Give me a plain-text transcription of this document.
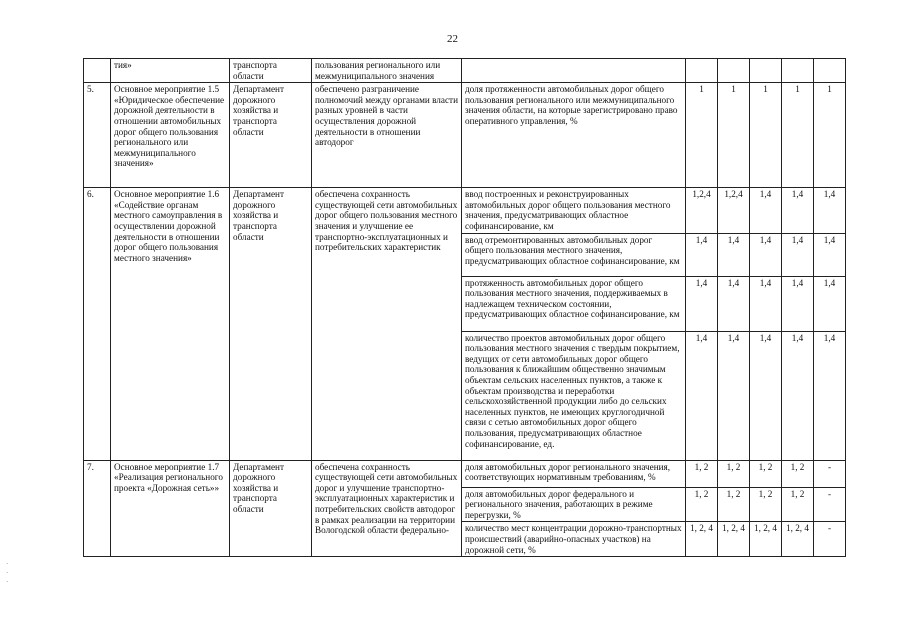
22
	тия»	транспорта области	пользования регионального или межмуниципального значения						
5.	Основное мероприятие 1.5 «Юридическое обеспечение дорожной деятельности в отношении автомобильных дорог общего пользования регионального или межмуниципального значения»	Департамент дорожного хозяйства и транспорта области	обеспечено разграничение полномочий между органами власти разных уровней в части осуществления дорожной деятельности в отношении автодорог	доля протяженности автомобильных дорог общего пользования регионального или межмуниципального значения области, на которые зарегистрировано право оперативного управления, %	1	1	1	1	1
6.	Основное мероприятие 1.6 «Содействие органам местного самоуправления в осуществлении дорожной деятельности в отношении дорог общего пользования местного значения»	Департамент дорожного хозяйства и транспорта области	обеспечена сохранность существующей сети автомобильных дорог общего пользования местного значения и улучшение ее транспортно-эксплуатационных и потребительских характеристик	ввод построенных и реконструированных автомобильных дорог общего пользования местного значения, предусматривающих областное софинансирование, км	1,2,4	1,2,4	1,4	1,4	1,4
				ввод отремонтированных автомобильных дорог общего пользования местного значения, предусматривающих областное софинансирование, км	1,4	1,4	1,4	1,4	1,4
				протяженность автомобильных дорог общего пользования местного значения, поддерживаемых в надлежащем техническом состоянии, предусматривающих областное софинансирование, км	1,4	1,4	1,4	1,4	1,4
				количество проектов автомобильных дорог общего пользования местного значения с твердым покрытием, ведущих от сети автомобильных дорог общего пользования к ближайшим общественно значимым объектам сельских населенных пунктов, а также к объектам производства и переработки сельскохозяйственной продукции либо до сельских населенных пунктов, не имеющих круглогодичной связи с сетью автомобильных дорог общего пользования, предусматривающих областное софинансирование, ед.	1,4	1,4	1,4	1,4	1,4
7.	Основное мероприятие 1.7 «Реализация регионального проекта «Дорожная сеть»»	Департамент дорожного хозяйства и транспорта области	обеспечена сохранность существующей сети автомобильных дорог и улучшение транспортно-эксплуатационных характеристик и потребительских свойств автодорог в рамках реализации на территории Вологодской области федерально-	доля автомобильных дорог регионального значения, соответствующих нормативным требованиям, %	1, 2	1, 2	1, 2	1, 2	-
				доля автомобильных дорог федерального и регионального значения, работающих в режиме перегрузки, %	1, 2	1, 2	1, 2	1, 2	-
				количество мест концентрации дорожно-транспортных происшествий (аварийно-опасных участков) на дорожной сети, %	1, 2, 4	1, 2, 4	1, 2, 4	1, 2, 4	-
·
·
·
